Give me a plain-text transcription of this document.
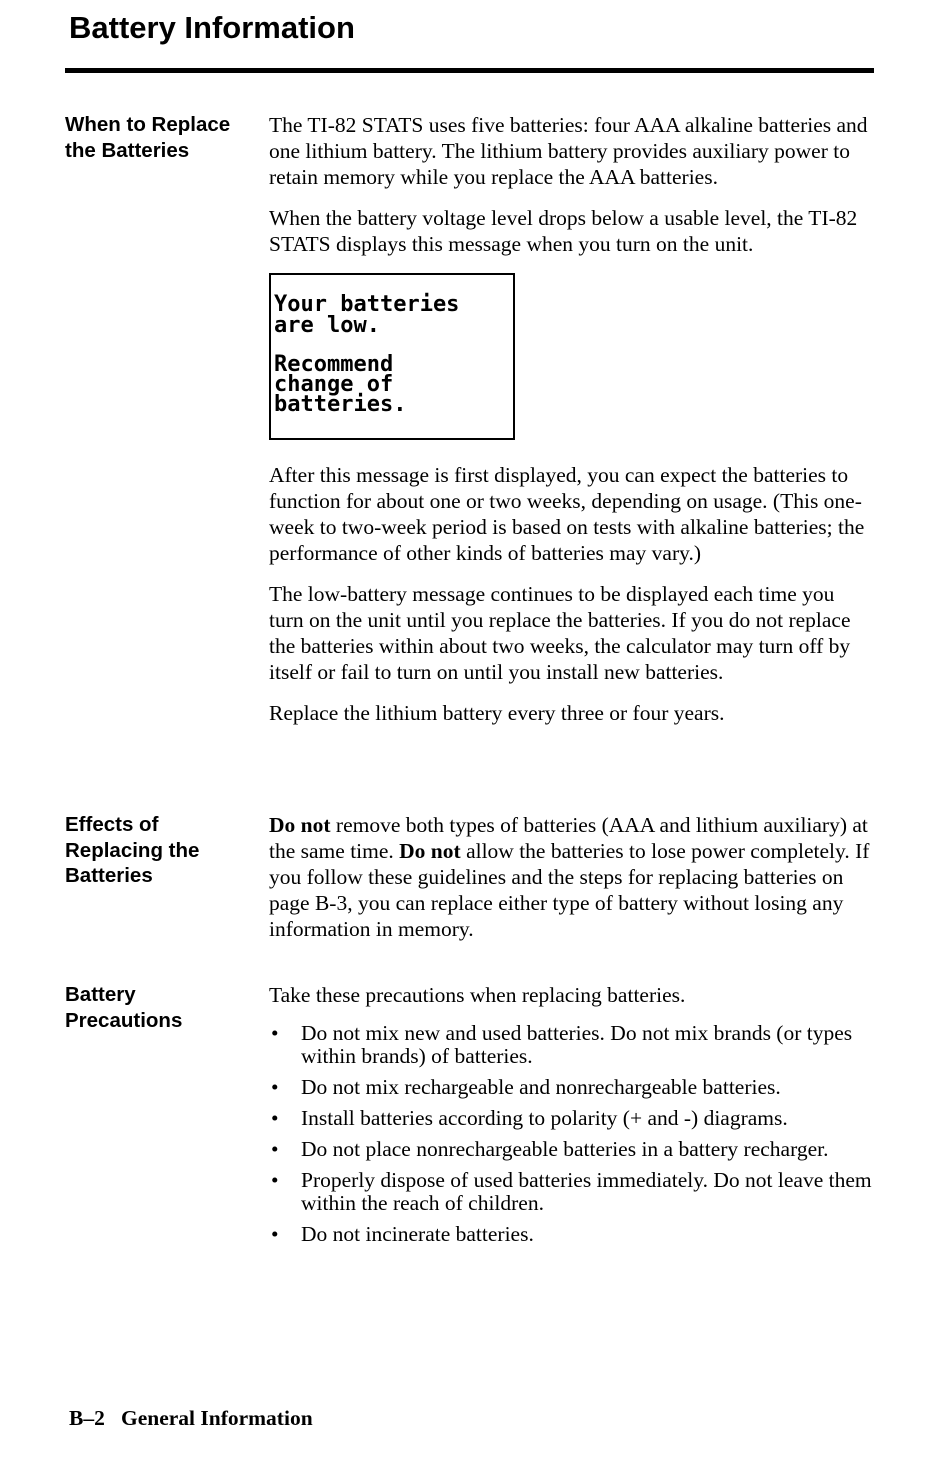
Battery Information
When to Replace the Batteries

The TI-82 STATS uses five batteries: four AAA alkaline batteries and one lithium battery. The lithium battery provides auxiliary power to retain memory while you replace the AAA batteries.

When the battery voltage level drops below a usable level, the TI-82 STATS displays this message when you turn on the unit.

Your batteries
are low.
Recommend
change of
batteries.

After this message is first displayed, you can expect the batteries to function for about one or two weeks, depending on usage. (This one-week to two-week period is based on tests with alkaline batteries; the performance of other kinds of batteries may vary.)

The low-battery message continues to be displayed each time you turn on the unit until you replace the batteries. If you do not replace the batteries within about two weeks, the calculator may turn off by itself or fail to turn on until you install new batteries.

Replace the lithium battery every three or four years.

Effects of Replacing the Batteries

Do not remove both types of batteries (AAA and lithium auxiliary) at the same time. Do not allow the batteries to lose power completely. If you follow these guidelines and the steps for replacing batteries on page B-3, you can replace either type of battery without losing any information in memory.

Battery Precautions

Take these precautions when replacing batteries.

• Do not mix new and used batteries. Do not mix brands (or types within brands) of batteries.
• Do not mix rechargeable and nonrechargeable batteries.
• Install batteries according to polarity (+ and -) diagrams.
• Do not place nonrechargeable batteries in a battery recharger.
• Properly dispose of used batteries immediately. Do not leave them within the reach of children.
• Do not incinerate batteries.
B–2 General Information
